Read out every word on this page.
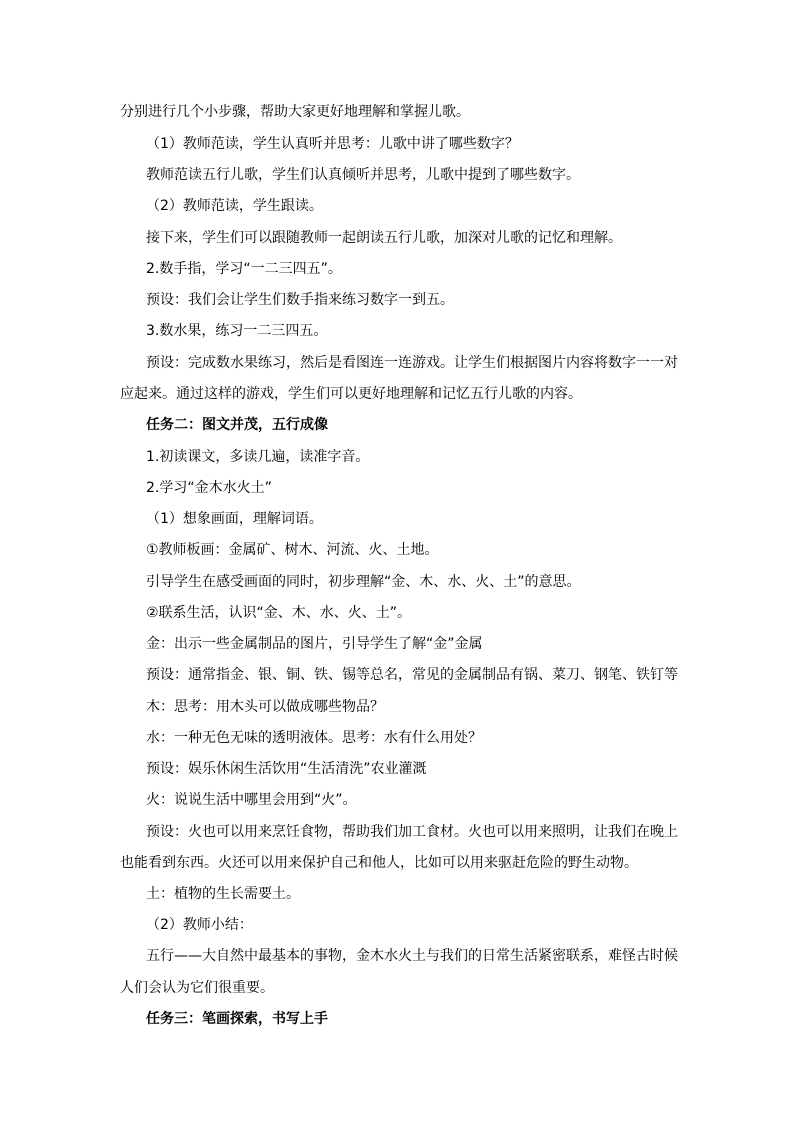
分别进行几个小步骤，帮助大家更好地理解和掌握儿歌。
（1）教师范读，学生认真听并思考：儿歌中讲了哪些数字？
教师范读五行儿歌，学生们认真倾听并思考，儿歌中提到了哪些数字。
（2）教师范读，学生跟读。
接下来，学生们可以跟随教师一起朗读五行儿歌，加深对儿歌的记忆和理解。
2.数手指，学习“一二三四五”。
预设：我们会让学生们数手指来练习数字一到五。
3.数水果，练习一二三四五。
预设：完成数水果练习，然后是看图连一连游戏。让学生们根据图片内容将数字一一对
应起来。通过这样的游戏，学生们可以更好地理解和记忆五行儿歌的内容。
任务二：图文并茂，五行成像
1.初读课文，多读几遍，读准字音。
2.学习“金木水火土”
（1）想象画面，理解词语。
①教师板画：金属矿、树木、河流、火、土地。
引导学生在感受画面的同时，初步理解“金、木、水、火、土”的意思。
②联系生活，认识“金、木、水、火、土”。
金：出示一些金属制品的图片，引导学生了解“金”金属
预设：通常指金、银、铜、铁、锡等总名，常见的金属制品有锅、菜刀、钢笔、铁钉等
木：思考：用木头可以做成哪些物品？
水：一种无色无味的透明液体。思考：水有什么用处？
预设：娱乐休闲生活饮用“生活清洗”农业灌溉
火：说说生活中哪里会用到“火”。
预设：火也可以用来烹饪食物，帮助我们加工食材。火也可以用来照明，让我们在晚上
也能看到东西。火还可以用来保护自己和他人，比如可以用来驱赶危险的野生动物。
土：植物的生长需要土。
（2）教师小结：
五行——大自然中最基本的事物，金木水火土与我们的日常生活紧密联系，难怪古时候
人们会认为它们很重要。
任务三：笔画探索，书写上手
